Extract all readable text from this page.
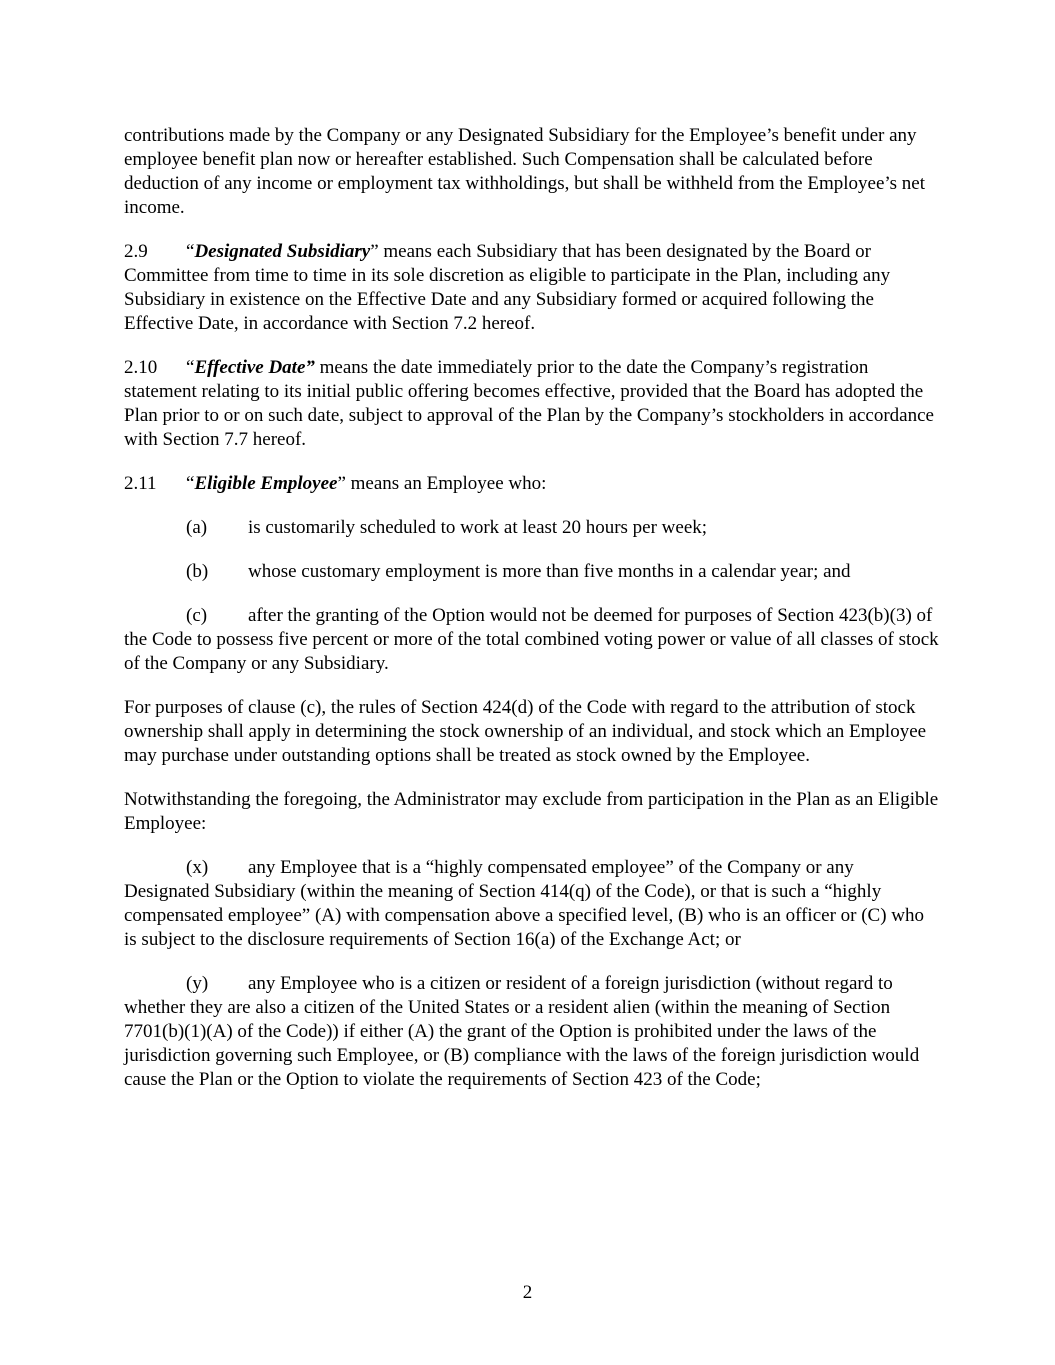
contributions made by the Company or any Designated Subsidiary for the Employee’s benefit under any employee benefit plan now or hereafter established. Such Compensation shall be calculated before deduction of any income or employment tax withholdings, but shall be withheld from the Employee’s net income.

2.9 “Designated Subsidiary” means each Subsidiary that has been designated by the Board or Committee from time to time in its sole discretion as eligible to participate in the Plan, including any Subsidiary in existence on the Effective Date and any Subsidiary formed or acquired following the Effective Date, in accordance with Section 7.2 hereof.

2.10 “Effective Date” means the date immediately prior to the date the Company’s registration statement relating to its initial public offering becomes effective, provided that the Board has adopted the Plan prior to or on such date, subject to approval of the Plan by the Company’s stockholders in accordance with Section 7.7 hereof.

2.11 “Eligible Employee” means an Employee who:

(a) is customarily scheduled to work at least 20 hours per week;

(b) whose customary employment is more than five months in a calendar year; and

(c) after the granting of the Option would not be deemed for purposes of Section 423(b)(3) of the Code to possess five percent or more of the total combined voting power or value of all classes of stock of the Company or any Subsidiary.

For purposes of clause (c), the rules of Section 424(d) of the Code with regard to the attribution of stock ownership shall apply in determining the stock ownership of an individual, and stock which an Employee may purchase under outstanding options shall be treated as stock owned by the Employee.

Notwithstanding the foregoing, the Administrator may exclude from participation in the Plan as an Eligible Employee:

(x) any Employee that is a “highly compensated employee” of the Company or any Designated Subsidiary (within the meaning of Section 414(q) of the Code), or that is such a “highly compensated employee” (A) with compensation above a specified level, (B) who is an officer or (C) who is subject to the disclosure requirements of Section 16(a) of the Exchange Act; or

(y) any Employee who is a citizen or resident of a foreign jurisdiction (without regard to whether they are also a citizen of the United States or a resident alien (within the meaning of Section 7701(b)(1)(A) of the Code)) if either (A) the grant of the Option is prohibited under the laws of the jurisdiction governing such Employee, or (B) compliance with the laws of the foreign jurisdiction would cause the Plan or the Option to violate the requirements of Section 423 of the Code;

2
